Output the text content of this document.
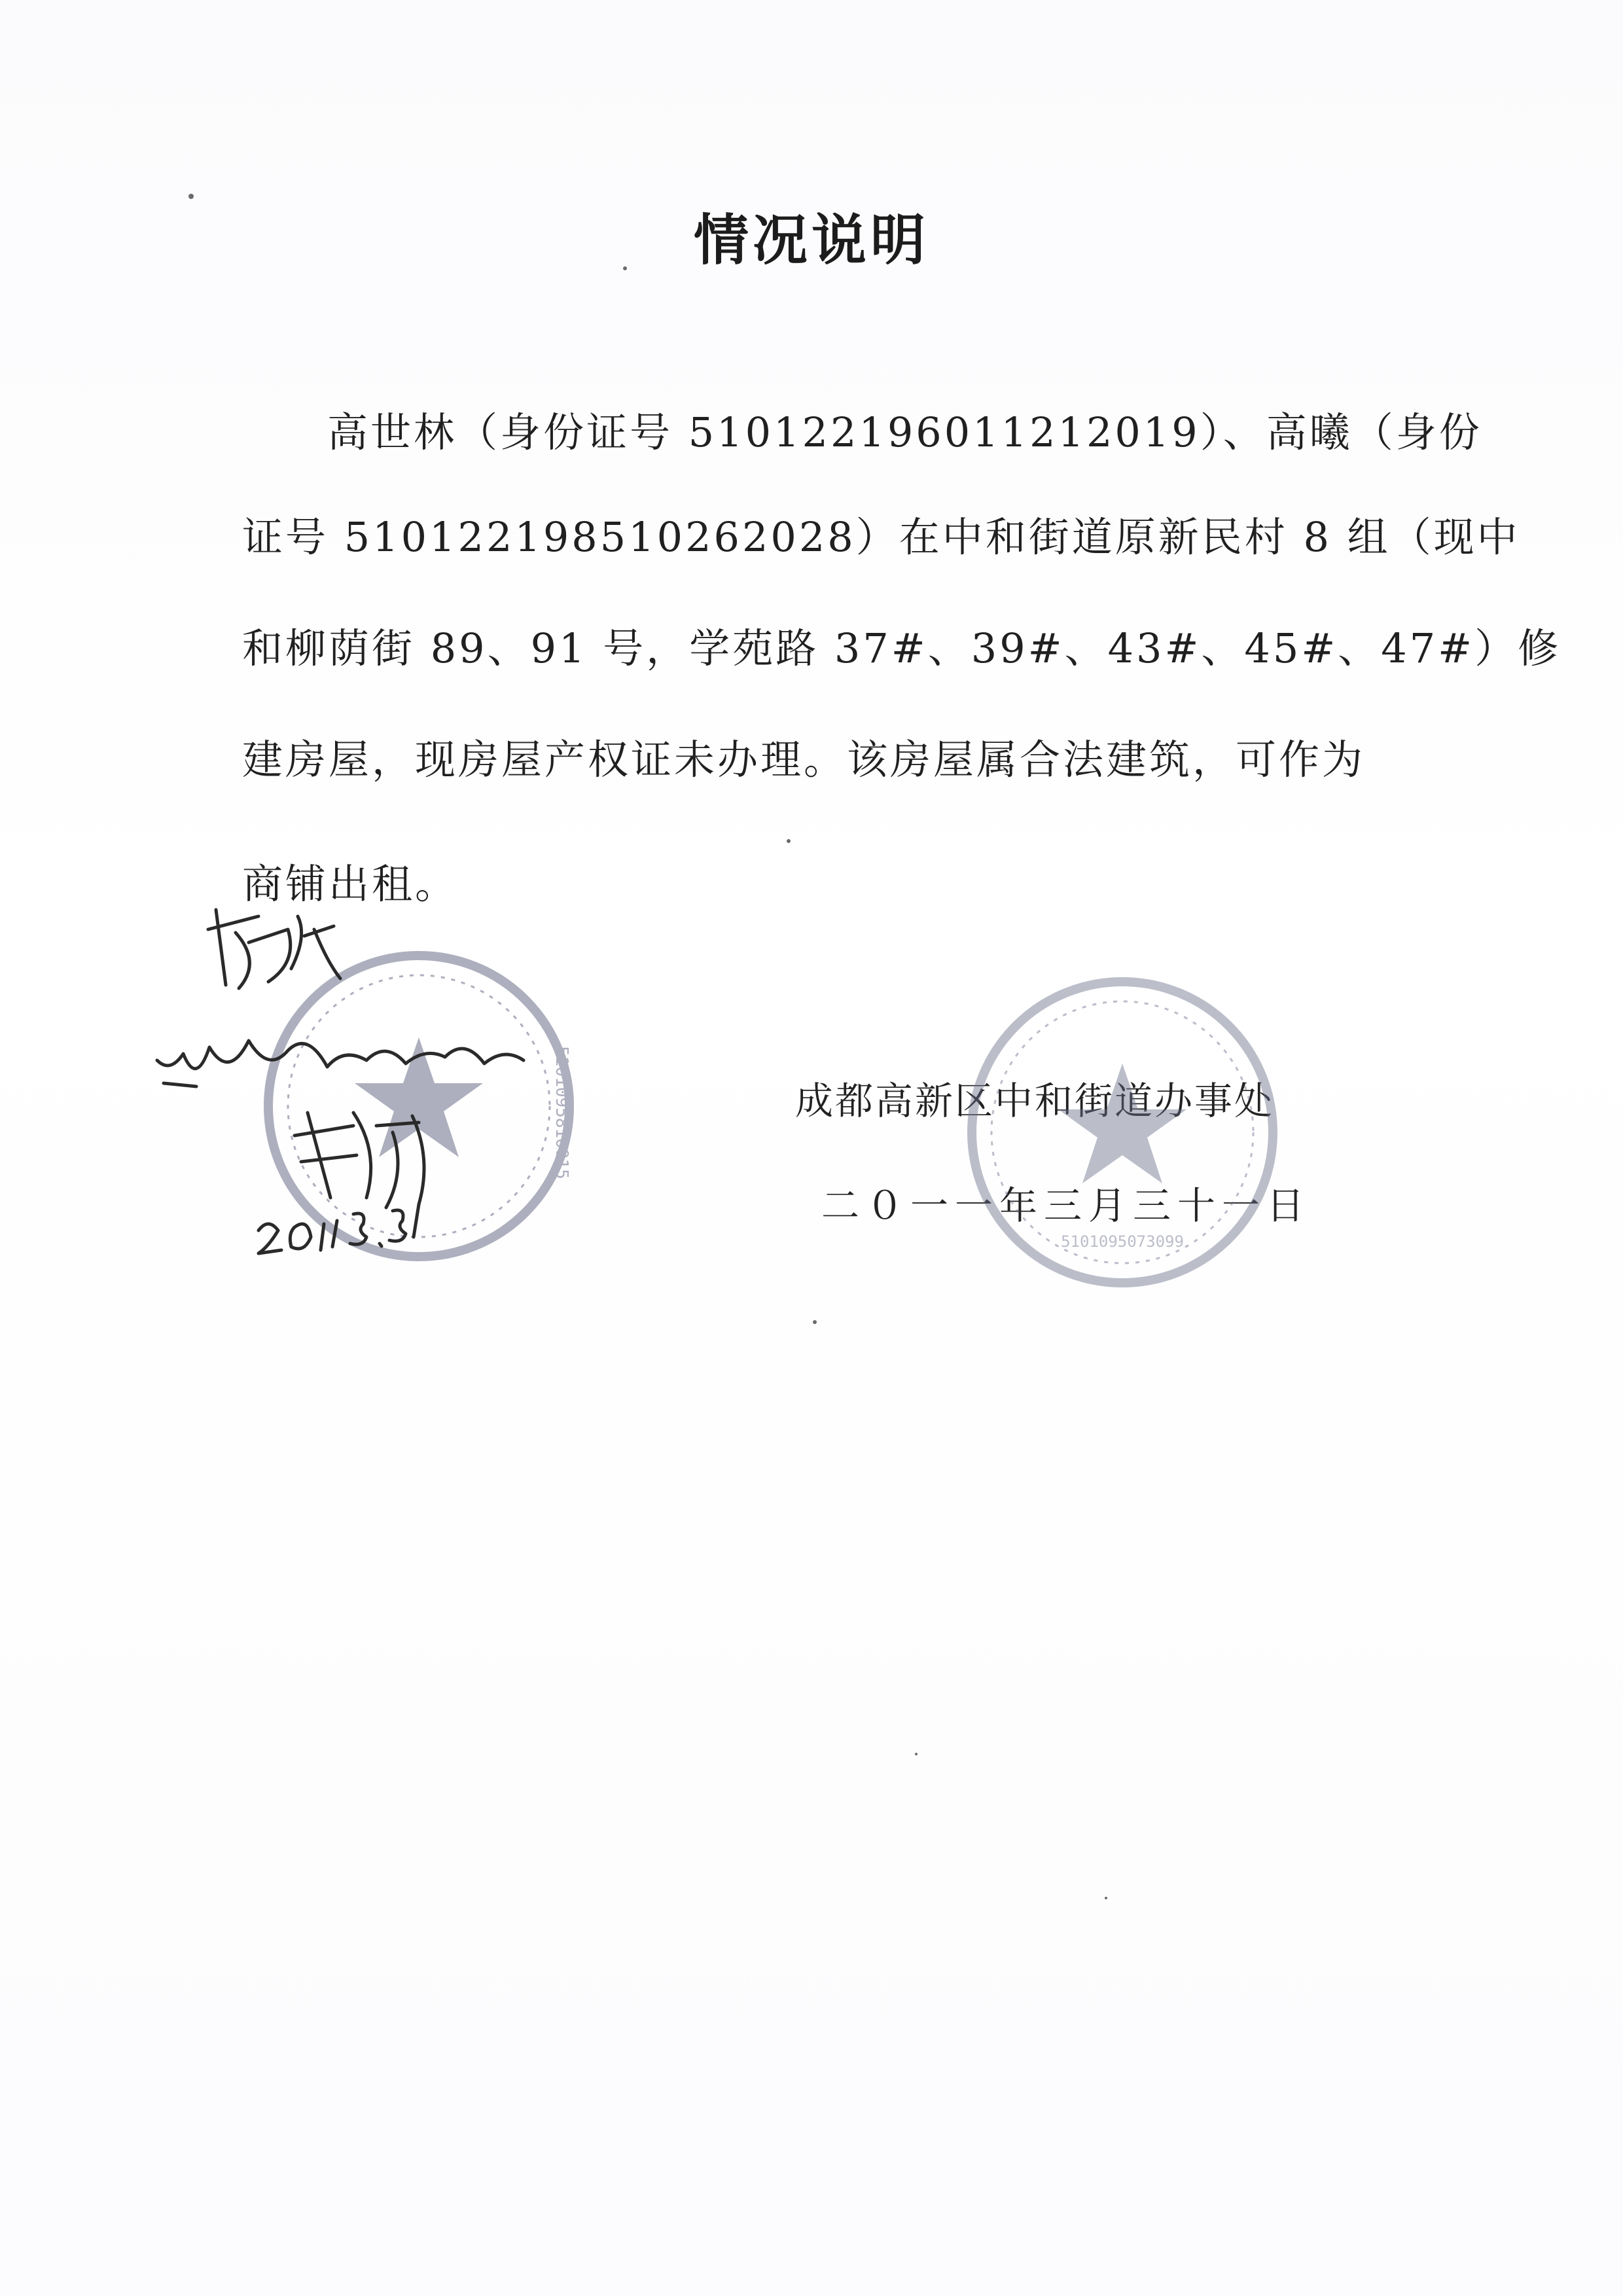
情况说明
高世林（身份证号 510122196011212019）、高曦（身份
证号 510122198510262028）在中和街道原新民村 8 组（现中
和柳荫街 89、91 号，学苑路 37#、39#、43#、45#、47#）修
建房屋，现房屋产权证未办理。该房屋属合法建筑，可作为
商铺出租。
成都高新区中和街道办事处
二０一一年三月三十一日
5101095810015
5101095073099
